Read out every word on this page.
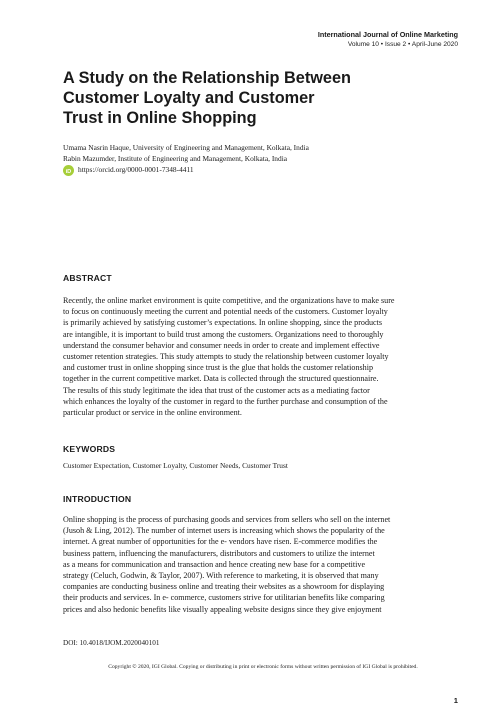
International Journal of Online Marketing
Volume 10 • Issue 2 • April-June 2020
A Study on the Relationship Between
Customer Loyalty and Customer
Trust in Online Shopping
Umama Nasrin Haque, University of Engineering and Management, Kolkata, India
Rabin Mazumder, Institute of Engineering and Management, Kolkata, India
iD https://orcid.org/0000-0001-7348-4411
ABSTRACT
Recently, the online market environment is quite competitive, and the organizations have to make sure
to focus on continuously meeting the current and potential needs of the customers. Customer loyalty
is primarily achieved by satisfying customer’s expectations. In online shopping, since the products
are intangible, it is important to build trust among the customers. Organizations need to thoroughly
understand the consumer behavior and consumer needs in order to create and implement effective
customer retention strategies. This study attempts to study the relationship between customer loyalty
and customer trust in online shopping since trust is the glue that holds the customer relationship
together in the current competitive market. Data is collected through the structured questionnaire.
The results of this study legitimate the idea that trust of the customer acts as a mediating factor
which enhances the loyalty of the customer in regard to the further purchase and consumption of the
particular product or service in the online environment.
KEYWORDS
Customer Expectation, Customer Loyalty, Customer Needs, Customer Trust
INTRODUCTION
Online shopping is the process of purchasing goods and services from sellers who sell on the internet
(Jusoh & Ling, 2012). The number of internet users is increasing which shows the popularity of the
internet. A great number of opportunities for the e- vendors have risen. E-commerce modifies the
business pattern, influencing the manufacturers, distributors and customers to utilize the internet
as a means for communication and transaction and hence creating new base for a competitive
strategy (Celuch, Godwin, & Taylor, 2007). With reference to marketing, it is observed that many
companies are conducting business online and treating their websites as a showroom for displaying
their products and services. In e- commerce, customers strive for utilitarian benefits like comparing
prices and also hedonic benefits like visually appealing website designs since they give enjoyment
DOI: 10.4018/IJOM.2020040101
Copyright © 2020, IGI Global. Copying or distributing in print or electronic forms without written permission of IGI Global is prohibited.
1
